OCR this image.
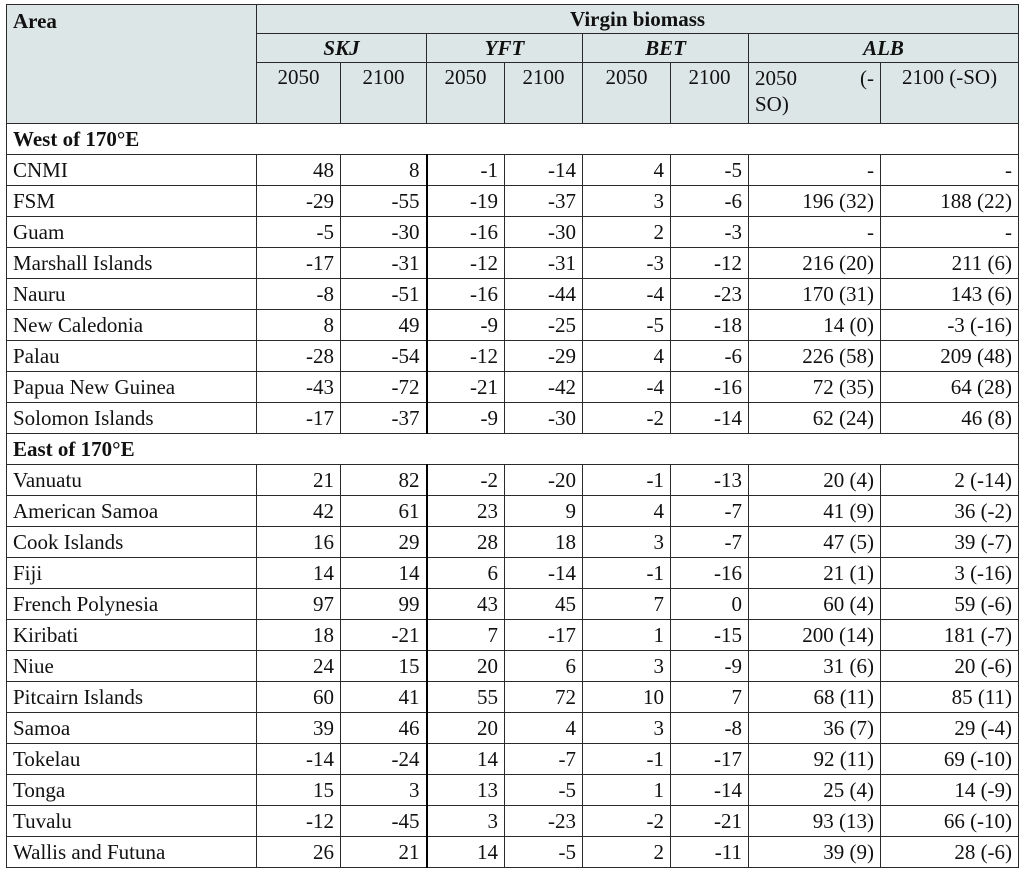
Area	Virgin biomass							
	SKJ		YFT		BET		ALB	
	2050	2100	2050	2100	2050	2100	2050 (-
SO)	2100 (-SO)
West of 170°E								
CNMI	48	8	-1	-14	4	-5	-	-
FSM	-29	-55	-19	-37	3	-6	196 (32)	188 (22)
Guam	-5	-30	-16	-30	2	-3	-	-
Marshall Islands	-17	-31	-12	-31	-3	-12	216 (20)	211 (6)
Nauru	-8	-51	-16	-44	-4	-23	170 (31)	143 (6)
New Caledonia	8	49	-9	-25	-5	-18	14 (0)	-3 (-16)
Palau	-28	-54	-12	-29	4	-6	226 (58)	209 (48)
Papua New Guinea	-43	-72	-21	-42	-4	-16	72 (35)	64 (28)
Solomon Islands	-17	-37	-9	-30	-2	-14	62 (24)	46 (8)
East of 170°E								
Vanuatu	21	82	-2	-20	-1	-13	20 (4)	2 (-14)
American Samoa	42	61	23	9	4	-7	41 (9)	36 (-2)
Cook Islands	16	29	28	18	3	-7	47 (5)	39 (-7)
Fiji	14	14	6	-14	-1	-16	21 (1)	3 (-16)
French Polynesia	97	99	43	45	7	0	60 (4)	59 (-6)
Kiribati	18	-21	7	-17	1	-15	200 (14)	181 (-7)
Niue	24	15	20	6	3	-9	31 (6)	20 (-6)
Pitcairn Islands	60	41	55	72	10	7	68 (11)	85 (11)
Samoa	39	46	20	4	3	-8	36 (7)	29 (-4)
Tokelau	-14	-24	14	-7	-1	-17	92 (11)	69 (-10)
Tonga	15	3	13	-5	1	-14	25 (4)	14 (-9)
Tuvalu	-12	-45	3	-23	-2	-21	93 (13)	66 (-10)
Wallis and Futuna	26	21	14	-5	2	-11	39 (9)	28 (-6)
